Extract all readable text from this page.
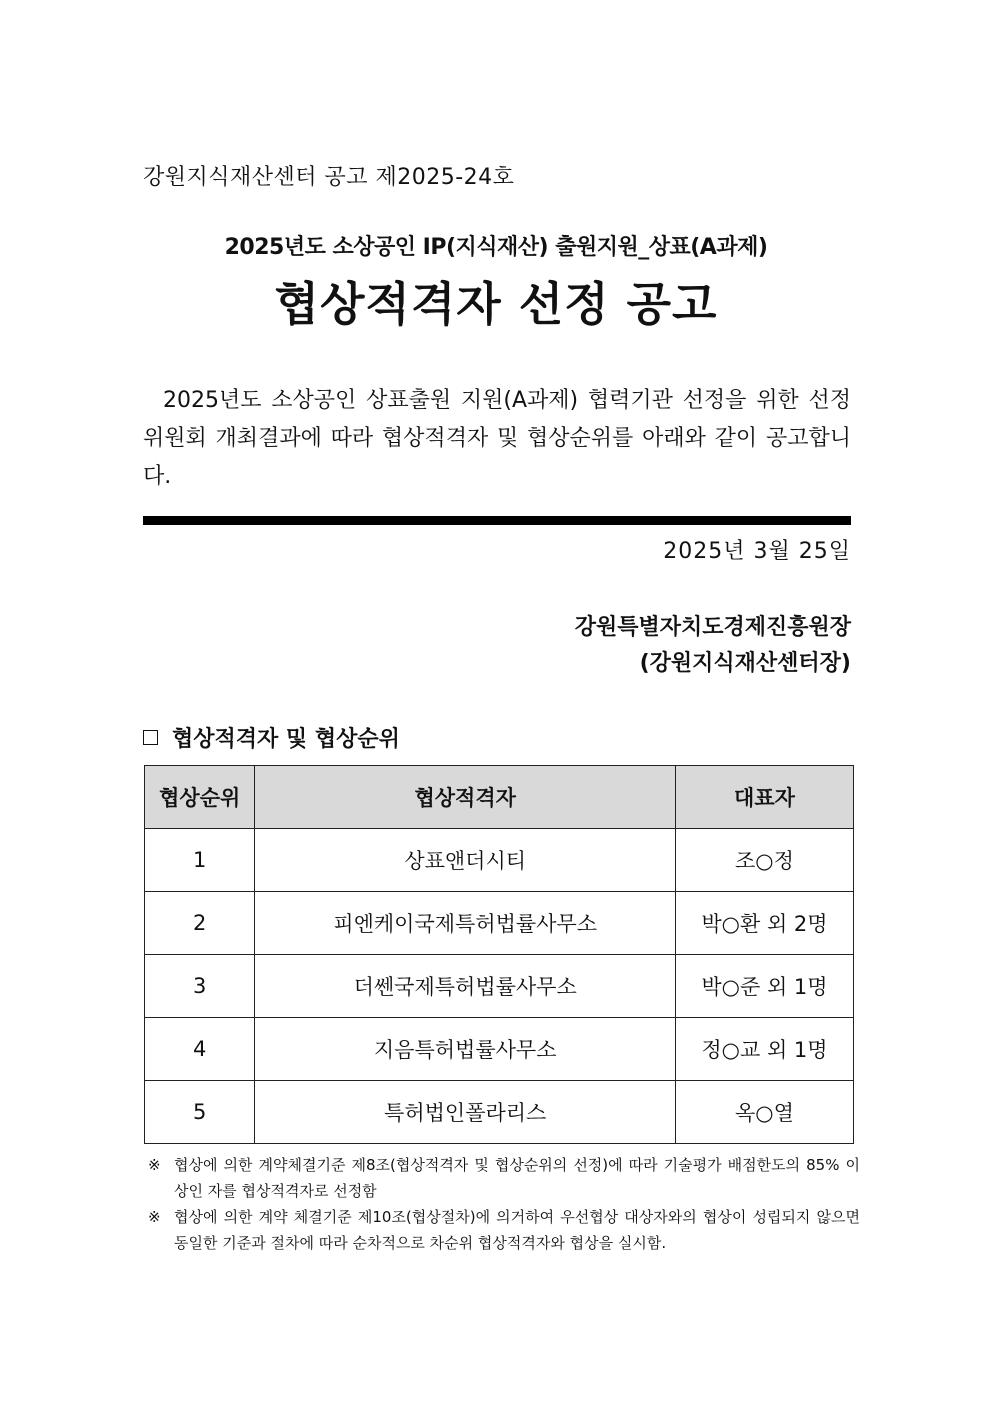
강원지식재산센터 공고 제2025-24호
2025년도 소상공인 IP(지식재산) 출원지원_상표(A과제)
협상적격자 선정 공고
2025년도 소상공인 상표출원 지원(A과제) 협력기관 선정을 위한 선정위원회 개최결과에 따라 협상적격자 및 협상순위를 아래와 같이 공고합니다.
2025년 3월 25일
강원특별자치도경제진흥원장
(강원지식재산센터장)
협상적격자 및 협상순위
협상순위	협상적격자	대표자
1	상표앤더시티	조○정
2	피엔케이국제특허법률사무소	박○환 외 2명
3	더쎈국제특허법률사무소	박○준 외 1명
4	지음특허법률사무소	정○교 외 1명
5	특허법인폴라리스	옥○열
※ 협상에 의한 계약체결기준 제8조(협상적격자 및 협상순위의 선정)에 따라 기술평가 배점한도의 85% 이상인 자를 협상적격자로 선정함
※ 협상에 의한 계약 체결기준 제10조(협상절차)에 의거하여 우선협상 대상자와의 협상이 성립되지 않으면 동일한 기준과 절차에 따라 순차적으로 차순위 협상적격자와 협상을 실시함.
